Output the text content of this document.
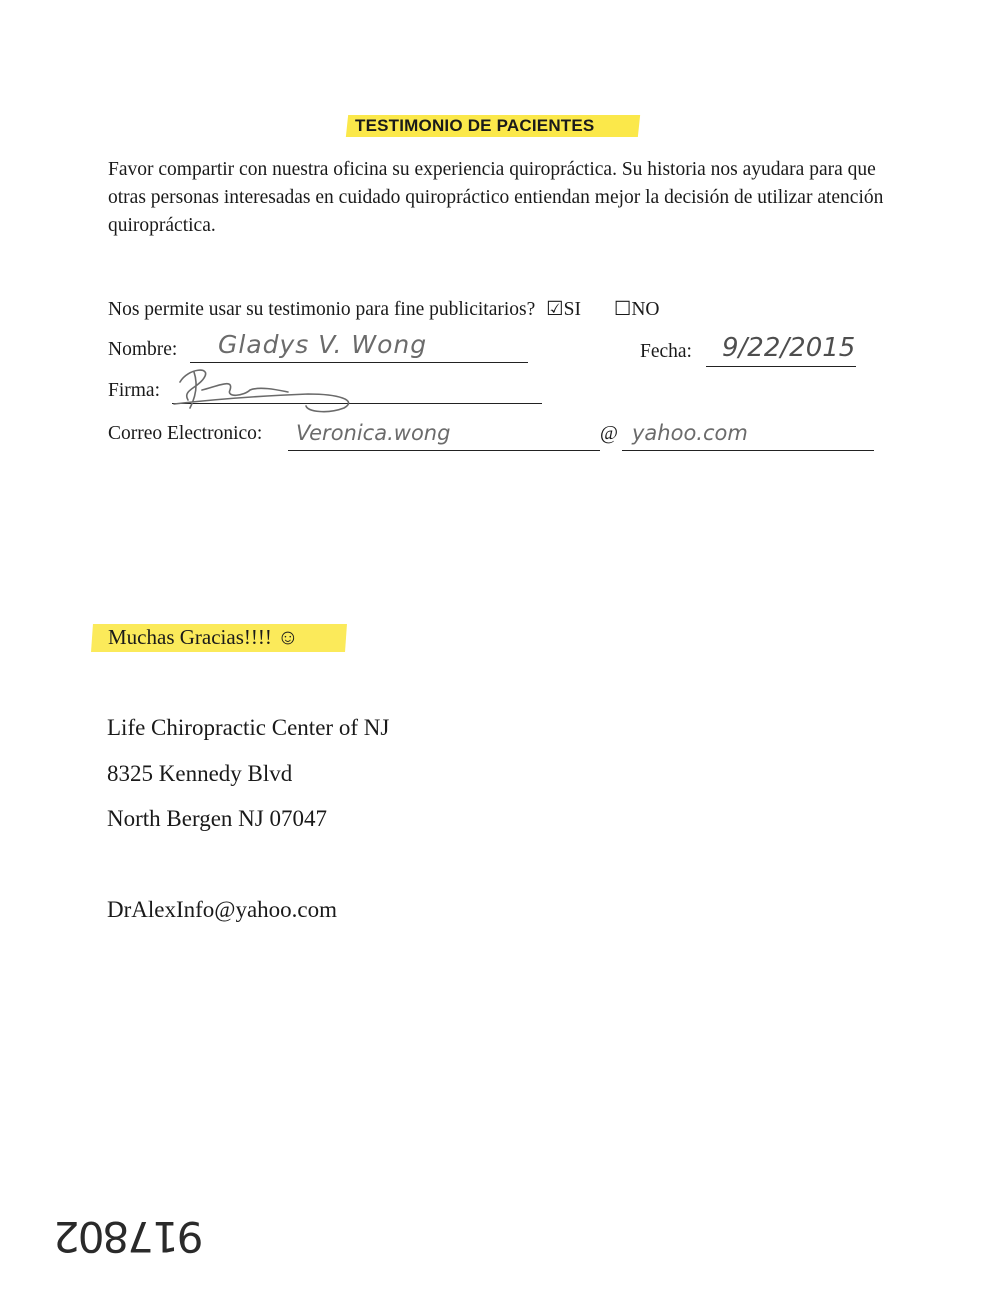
TESTIMONIO DE PACIENTES
Favor compartir con nuestra oficina su experiencia quiropráctica. Su historia nos ayudara para que otras personas interesadas en cuidado quiropráctico entiendan mejor la decisión de utilizar atención quiropráctica.
Nos permite usar su testimonio para fine publicitarios? ☑SI ☐NO
Nombre: Gladys V. Wong	Fecha: 9/22/2015
Firma:
Correo Electronico: Veronica.wong	@ yahoo.com
Muchas Gracias!!!! ☺
Life Chiropractic Center of NJ
8325 Kennedy Blvd
North Bergen NJ 07047
DrAlexInfo@yahoo.com
917802
